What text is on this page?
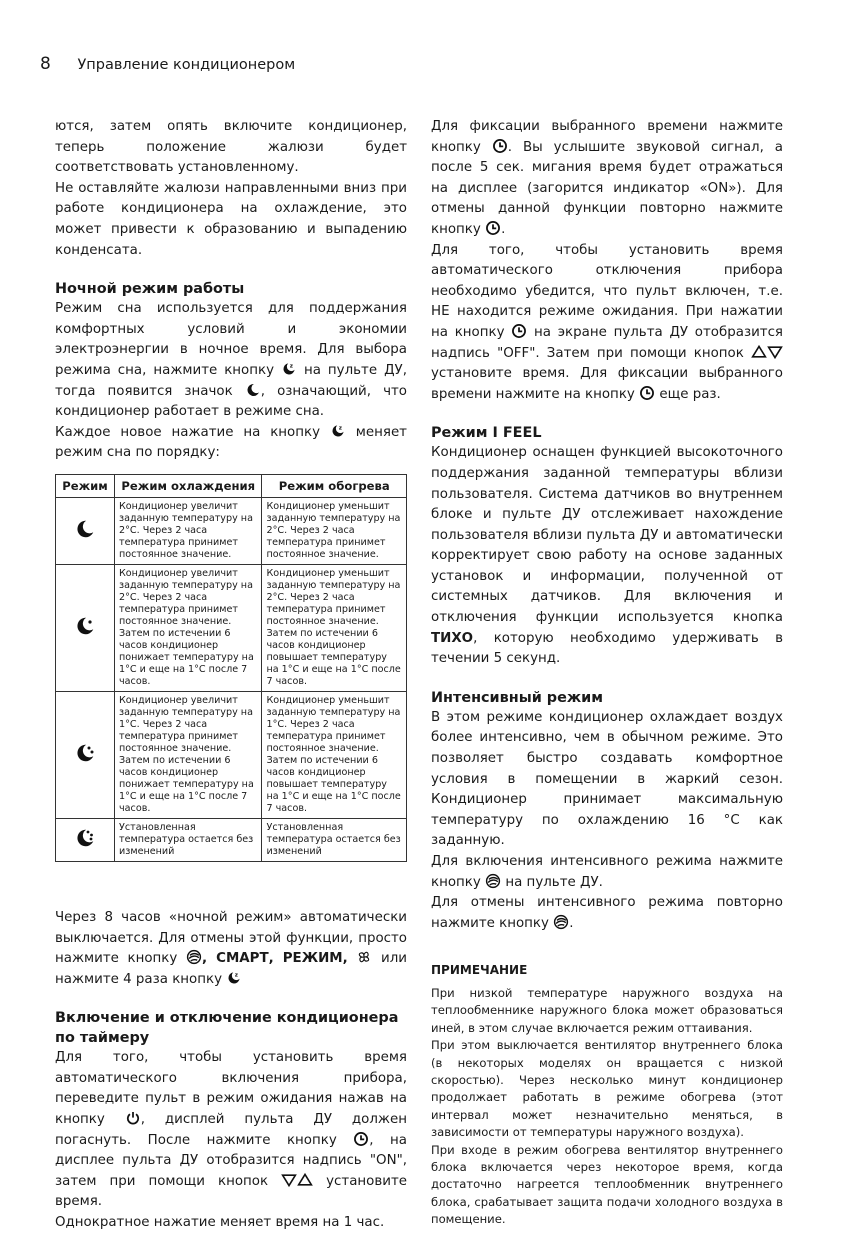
8 Управление кондиционером

ются, затем опять включите кондиционер, теперь положение жалюзи будет соответствовать установленному.

Не оставляйте жалюзи направленными вниз при работе кондиционера на охлаждение, это может привести к образованию и выпадению конденсата.

Ночной режим работы

Режим сна используется для поддержания комфортных условий и экономии электроэнергии в ночное время. Для выбора режима сна, нажмите кнопку на пульте ДУ, тогда появится значок , означающий, что кондиционер работает в режиме сна.

Каждое новое нажатие на кнопку	меняет режим сна по порядку:

Режим	Режим охлаждения	Режим обогрева
	Кондиционер увеличит заданную температуру на 2°С. Через 2 часа температура принимет постоянное значение.	Кондиционер уменьшит заданную температуру на 2°С. Через 2 часа температура принимет постоянное значение.
	Кондиционер увеличит заданную температуру на 2°С. Через 2 часа температура принимет постоянное значение. Затем по истечении 6 часов кондиционер понижает температуру на 1°С и еще на 1°С после 7 часов.	Кондиционер уменьшит заданную температуру на 2°С. Через 2 часа температура принимет постоянное значение. Затем по истечении 6 часов кондиционер повышает температуру на 1°С и еще на 1°С после 7 часов.
	Кондиционер увеличит заданную температуру на 1°С. Через 2 часа температура принимет постоянное значение. Затем по истечении 6 часов кондиционер понижает температуру на 1°С и еще на 1°С после 7 часов.	Кондиционер уменьшит заданную температуру на 1°С. Через 2 часа температура принимет постоянное значение. Затем по истечении 6 часов кондиционер повышает температуру на 1°С и еще на 1°С после 7 часов.
	Установленная температура остается без изменений	Установленная температура остается без изменений

Через 8 часов «ночной режим» автоматически выключается. Для отмены этой функции, просто нажмите кнопку , СМАРТ, РЕЖИМ, или нажмите 4 раза кнопку

Включение и отключение кондиционера
по таймеру

Для того, чтобы установить время автоматического включения прибора, переведите пульт в режим ожидания нажав на кнопку	, дисплей пульта ДУ должен погаснуть. После нажмите кнопку , на дисплее пульта ДУ отобразится надпись "ON", затем при помощи кнопок	установите время.

Однократное нажатие меняет время на 1 час.

Для фиксации выбранного времени нажмите кнопку . Вы услышите звуковой сигнал, а после 5 сек. мигания время будет отражаться на дисплее (загорится индикатор «ON»). Для отмены данной функции повторно нажмите кнопку .

Для того, чтобы установить время автоматического отключения прибора необходимо убедится, что пульт включен, т.е. НЕ находится режиме ожидания. При нажатии на кнопку на экране пульта ДУ отобразится надпись "OFF". Затем при помощи кнопок  установите время. Для фиксации выбранного времени нажмите на кнопку еще раз.

Режим I FEEL

Кондиционер оснащен функцией высокоточного поддержания заданной температуры вблизи пользователя. Система датчиков во внутреннем блоке и пульте ДУ отслеживает нахождение пользователя вблизи пульта ДУ и автоматически корректирует свою работу на основе заданных установок и информации, полученной от системных датчиков. Для включения и отключения функции используется кнопка ТИХО, которую необходимо удерживать в течении 5 секунд.

Интенсивный режим

В этом режиме кондиционер охлаждает воздух более интенсивно, чем в обычном режиме. Это позволяет быстро создавать комфортное условия в помещении в жаркий сезон. Кондиционер принимает максимальную температуру по охлаждению 16 °С как заданную.

Для включения интенсивного режима нажмите кнопку на пульте ДУ.

Для отмены интенсивного режима повторно нажмите кнопку .

ПРИМЕЧАНИЕ

При низкой температуре наружного воздуха на теплообменнике наружного блока может образоваться иней, в этом случае включается режим оттаивания.

При этом выключается вентилятор внутреннего блока (в некоторых моделях он вращается с низкой скоростью). Через несколько минут кондиционер продолжает работать в режиме обогрева (этот интервал может незначительно меняться, в зависимости от температуры наружного воздуха).

При входе в режим обогрева вентилятор внутреннего блока включается через некоторое время, когда достаточно нагреется теплообменник внутреннего блока, срабатывает защита подачи холодного воздуха в помещение.
